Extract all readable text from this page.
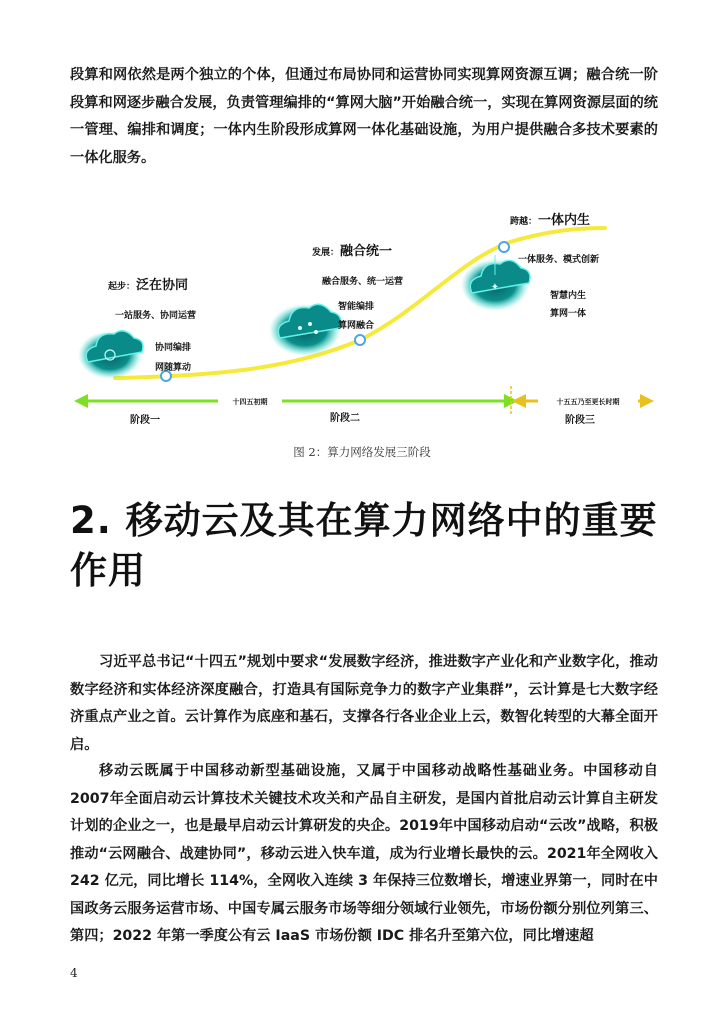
段算和网依然是两个独立的个体，但通过布局协同和运营协同实现算网资源互调；融合统一阶段算和网逐步融合发展，负责管理编排的“算网大脑”开始融合统一，实现在算网资源层面的统一管理、编排和调度；一体内生阶段形成算网一体化基础设施，为用户提供融合多技术要素的一体化服务。

✦
起步： 泛在协同
一站服务、协同运营
协同编排
网随算动
发展： 融合统一
融合服务、统一运营
智能编排
算网融合
跨越： 一体内生
一体服务、模式创新
智慧内生
算网一体
十四五初期	十五五乃至更长时期
阶段一	阶段二	阶段三
图 2：算力网络发展三阶段
2. 移动云及其在算力网络中的重要作用

习近平总书记“十四五”规划中要求“发展数字经济，推进数字产业化和产业数字化，推动数字经济和实体经济深度融合，打造具有国际竞争力的数字产业集群”，云计算是七大数字经济重点产业之首。云计算作为底座和基石，支撑各行各业企业上云，数智化转型的大幕全面开启。

移动云既属于中国移动新型基础设施，又属于中国移动战略性基础业务。中国移动自2007年全面启动云计算技术关键技术攻关和产品自主研发，是国内首批启动云计算自主研发计划的企业之一，也是最早启动云计算研发的央企。2019年中国移动启动“云改”战略，积极推动“云网融合、战建协同”，移动云进入快车道，成为行业增长最快的云。2021年全网收入 242 亿元，同比增长 114%，全网收入连续 3 年保持三位数增长，增速业界第一，同时在中国政务云服务运营市场、中国专属云服务市场等细分领域行业领先，市场份额分别位列第三、第四；2022 年第一季度公有云 IaaS 市场份额 IDC 排名升至第六位，同比增速超

4
